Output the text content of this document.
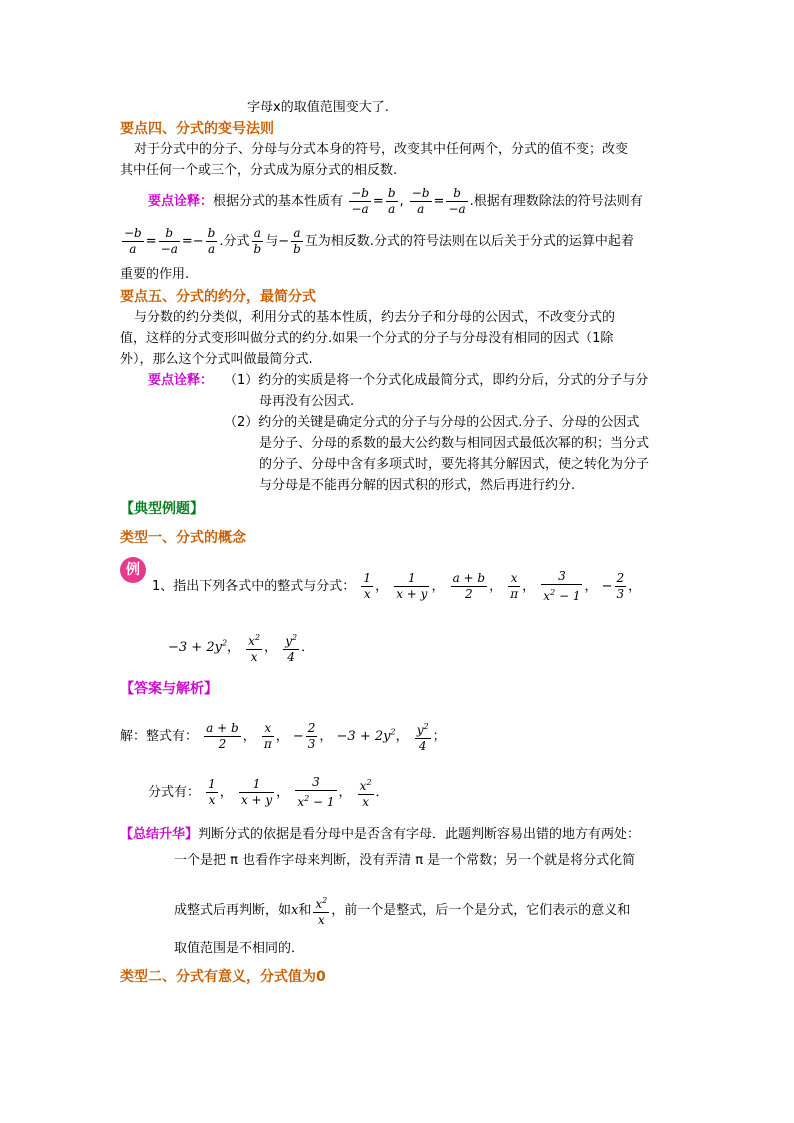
字母x的取值范围变大了.
要点四、分式的变号法则
对于分式中的分子、分母与分式本身的符号，改变其中任何两个，分式的值不变；改变
其中任何一个或三个，分式成为原分式的相反数.
要点诠释：根据分式的基本性质有 $\frac{-b}{-a} = \frac{b}{a}$ , $\frac{-b}{a} = \frac{b}{-a}$ .根据有理数除法的符号法则有
$\frac{-b}{a} = \frac{b}{-a} =- \frac{b}{a}$ .分式 $\frac{a}{b}$ 与− $\frac{a}{b}$ 互为相反数.分式的符号法则在以后关于分式的运算中起着
重要的作用.
要点五、分式的约分，最简分式
与分数的约分类似，利用分式的基本性质，约去分子和分母的公因式，不改变分式的
值，这样的分式变形叫做分式的约分.如果一个分式的分子与分母没有相同的因式（1除
外），那么这个分式叫做最简分式.
要点诠释： （1）约分的实质是将一个分式化成最简分式，即约分后，分式的分子与分
母再没有公因式.
（2）约分的关键是确定分式的分子与分母的公因式.分子、分母的公因式
是分子、分母的系数的最大公约数与相同因式最低次幂的积；当分式
的分子、分母中含有多项式时，要先将其分解因式，使之转化为分子
与分母是不能再分解的因式积的形式，然后再进行约分.
【典型例题】
类型一、分式的概念
例
1、指出下列各式中的整式与分式： $\frac{1}{x}$ ， $\frac{1}{x + y}$ ， $\frac{a + b}{2}$ ， $\frac{x}{\pi}$ ， $\frac{3}{x^2 - 1}$ ， − $\frac{2}{3}$ ，
$-3 + 2y^2$， $\frac{x^2}{x}$ ， $\frac{y^2}{4}$ ．
【答案与解析】
解：整式有： $\frac{a + b}{2}$ ， $\frac{x}{\pi}$ ， − $\frac{2}{3}$ ， $-3 + 2y^2$， $\frac{y^2}{4}$ ；
分式有： $\frac{1}{x}$ ， $\frac{1}{x + y}$ ， $\frac{3}{x^2 - 1}$ ， $\frac{x^2}{x}$ ．
【总结升华】判断分式的依据是看分母中是否含有字母．此题判断容易出错的地方有两处：
一个是把 π 也看作字母来判断，没有弄清 π 是一个常数；另一个就是将分式化简
成整式后再判断，如x和 $\frac{x^2}{x}$ ，前一个是整式，后一个是分式，它们表示的意义和
取值范围是不相同的．
类型二、分式有意义，分式值为0
